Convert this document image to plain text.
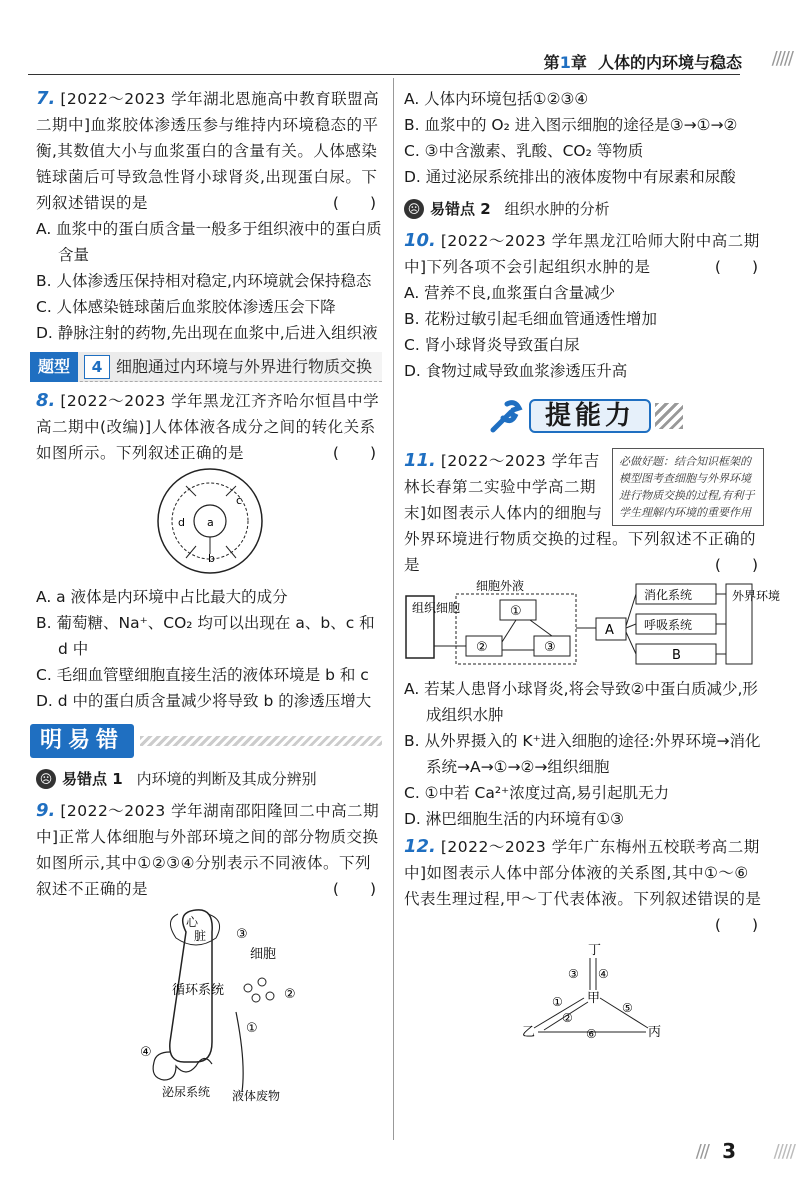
第1章 人体的内环境与稳态 /////
7. [2022～2023 学年湖北恩施高中教育联盟高二期中]血浆胶体渗透压参与维持内环境稳态的平衡,其数值大小与血浆蛋白的含量有关。人体感染链球菌后可导致急性肾小球肾炎,出现蛋白尿。下列叙述错误的是	(　　)
A. 血浆中的蛋白质含量一般多于组织液中的蛋白质含量
B. 人体渗透压保持相对稳定,内环境就会保持稳态
C. 人体感染链球菌后血浆胶体渗透压会下降
D. 静脉注射的药物,先出现在血浆中,后进入组织液
题型	4 细胞通过内环境与外界进行物质交换
8. [2022～2023 学年黑龙江齐齐哈尔恒昌中学高二期中(改编)]人体体液各成分之间的转化关系如图所示。下列叙述正确的是	(　　)
a
b
c
d
A. a 液体是内环境中占比最大的成分
B. 葡萄糖、Na⁺、CO₂ 均可以出现在 a、b、c 和 d 中
C. 毛细血管壁细胞直接生活的液体环境是 b 和 c
D. d 中的蛋白质含量减少将导致 b 的渗透压增大
明易错
☹ 易错点 1 内环境的判断及其成分辨别
9. [2022～2023 学年湖南邵阳隆回二中高二期中]正常人体细胞与外部环境之间的部分物质交换如图所示,其中①②③④分别表示不同液体。下列叙述不正确的是	(　　)
心
脏
循环系统
③
细胞
②
①
④
泌尿系统 液体废物
A. 人体内环境包括①②③④
B. 血浆中的 O₂ 进入图示细胞的途径是③→①→②
C. ③中含激素、乳酸、CO₂ 等物质
D. 通过泌尿系统排出的液体废物中有尿素和尿酸
☹ 易错点 2 组织水肿的分析
10. [2022～2023 学年黑龙江哈师大附中高二期中]下列各项不会引起组织水肿的是	(　　)
A. 营养不良,血浆蛋白含量减少
B. 花粉过敏引起毛细血管通透性增加
C. 肾小球肾炎导致蛋白尿
D. 食物过咸导致血浆渗透压升高
提能力
必做好题：结合知识框架的模型图考查细胞与外界环境进行物质交换的过程,有利于学生理解内环境的重要作用
11. [2022～2023 学年吉林长春第二实验中学高二期末]如图表示人体内的细胞与外界环境进行物质交换的过程。下列叙述不正确的是	(　　)
组织细胞
细胞外液
①
②	③
A
消化系统
呼吸系统
B
外界环境
A. 若某人患肾小球肾炎,将会导致②中蛋白质减少,形成组织水肿
B. 从外界摄入的 K⁺进入细胞的途径:外界环境→消化系统→A→①→②→组织细胞
C. ①中若 Ca²⁺浓度过高,易引起肌无力
D. 淋巴细胞生活的内环境有①③
12. [2022～2023 学年广东梅州五校联考高二期中]如图表示人体中部分体液的关系图,其中①～⑥代表生理过程,甲～丁代表体液。下列叙述错误的是
(　　)
丁
③ ④
甲
①
②
⑤
乙	丙
⑥
/// 3 /////
